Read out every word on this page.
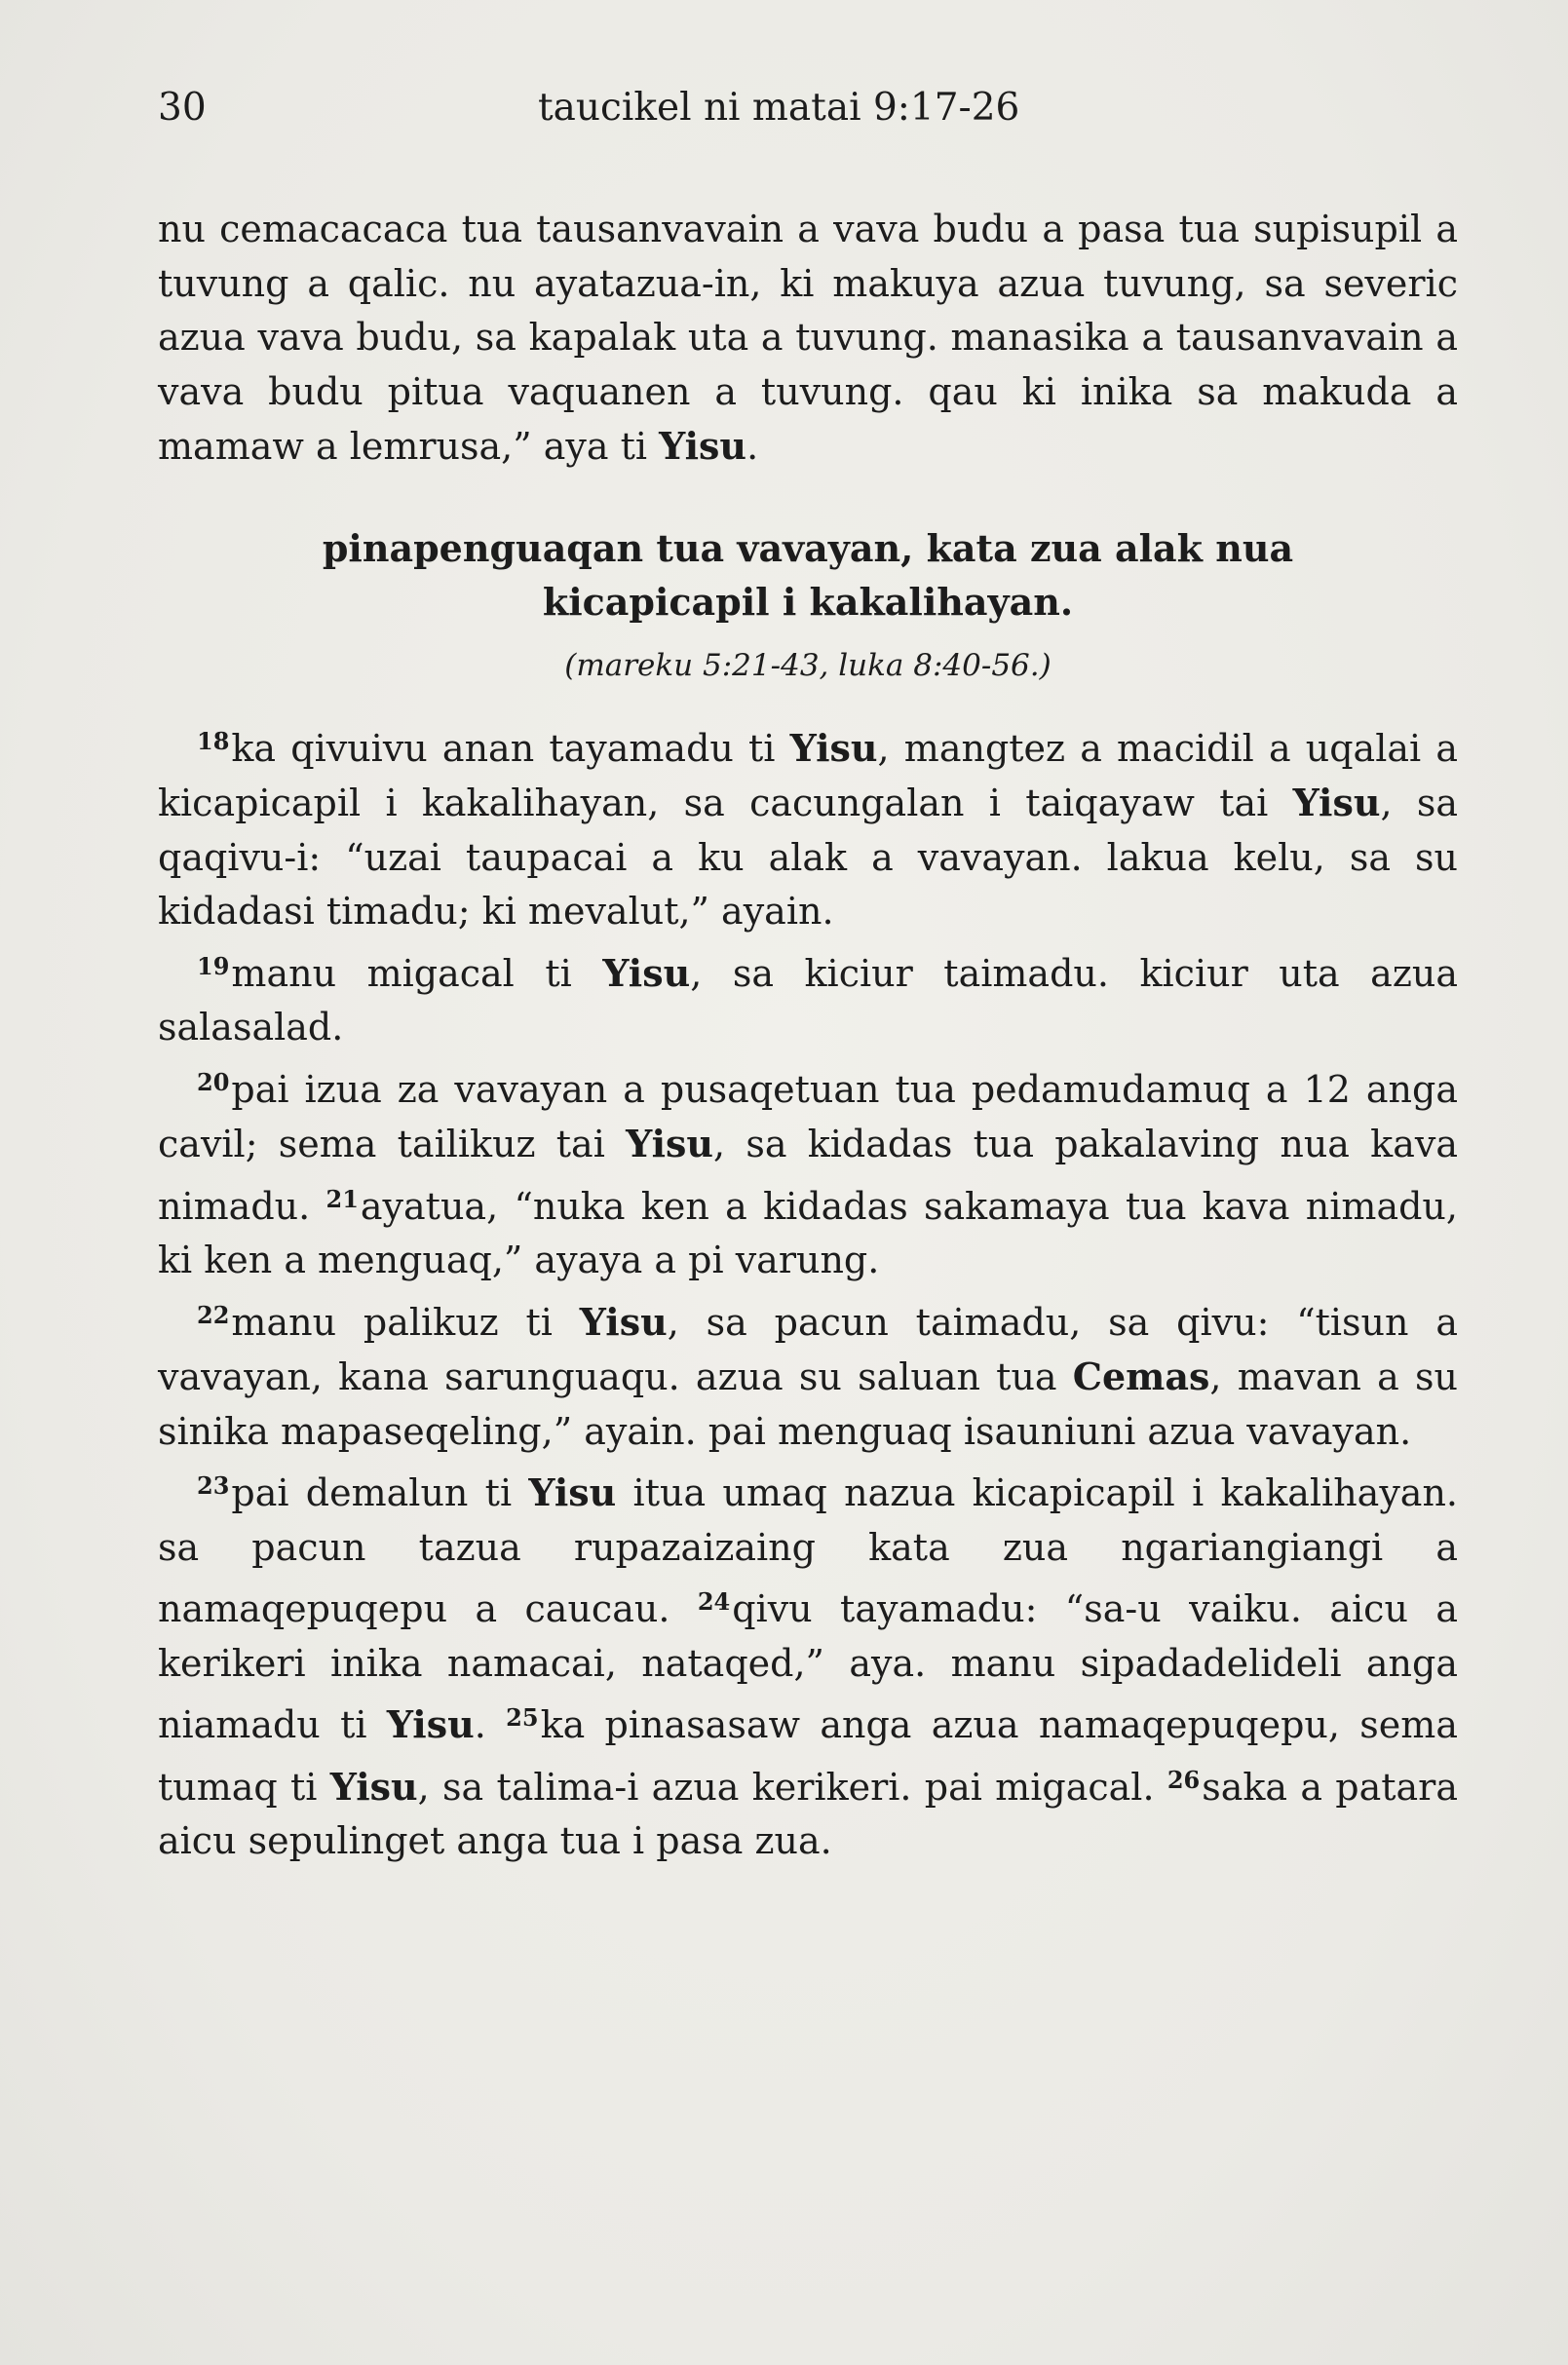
30	taucikel ni matai 9:17-26

nu cemacacaca tua tausanvavain a vava budu a pasa tua supisupil a tuvung a qalic. nu ayatazua-in, ki makuya azua tuvung, sa severic azua vava budu, sa kapalak uta a tuvung. manasika a tausanvavain a vava budu pitua vaquanen a tuvung. qau ki inika sa makuda a mamaw a lemrusa,” aya ti Yisu.

pinapenguaqan tua vavayan, kata zua alak nua
kicapicapil i kakalihayan.
(mareku 5:21-43, luka 8:40-56.)

$^{18}$ka qivuivu anan tayamadu ti Yisu, mangtez a macidil a uqalai a kicapicapil i kakalihayan, sa cacungalan i taiqayaw tai Yisu, sa qaqivu-i: “uzai taupacai a ku alak a vavayan. lakua kelu, sa su kidadasi timadu; ki mevalut,” ayain.

$^{19}$manu migacal ti Yisu, sa kiciur taimadu. kiciur uta azua salasalad.

$^{20}$pai izua za vavayan a pusaqetuan tua pedamudamuq a 12 anga cavil; sema tailikuz tai Yisu, sa kidadas tua pakalaving nua kava nimadu. $^{21}$ayatua, “nuka ken a kidadas sakamaya tua kava nimadu, ki ken a menguaq,” ayaya a pi varung.

$^{22}$manu palikuz ti Yisu, sa pacun taimadu, sa qivu: “tisun a vavayan, kana sarunguaqu. azua su saluan tua Cemas, mavan a su sinika mapaseqeling,” ayain. pai menguaq isauniuni azua vavayan.

$^{23}$pai demalun ti Yisu itua umaq nazua kicapicapil i kakalihayan. sa pacun tazua rupazaizaing kata zua ngariangiangi a namaqepuqepu a caucau. $^{24}$qivu tayamadu: “sa-u vaiku. aicu a kerikeri inika namacai, nataqed,” aya. manu sipadadelideli anga niamadu ti Yisu. $^{25}$ka pinasasaw anga azua namaqepuqepu, sema tumaq ti Yisu, sa talima-i azua kerikeri. pai migacal. $^{26}$saka a patara aicu sepulinget anga tua i pasa zua.
